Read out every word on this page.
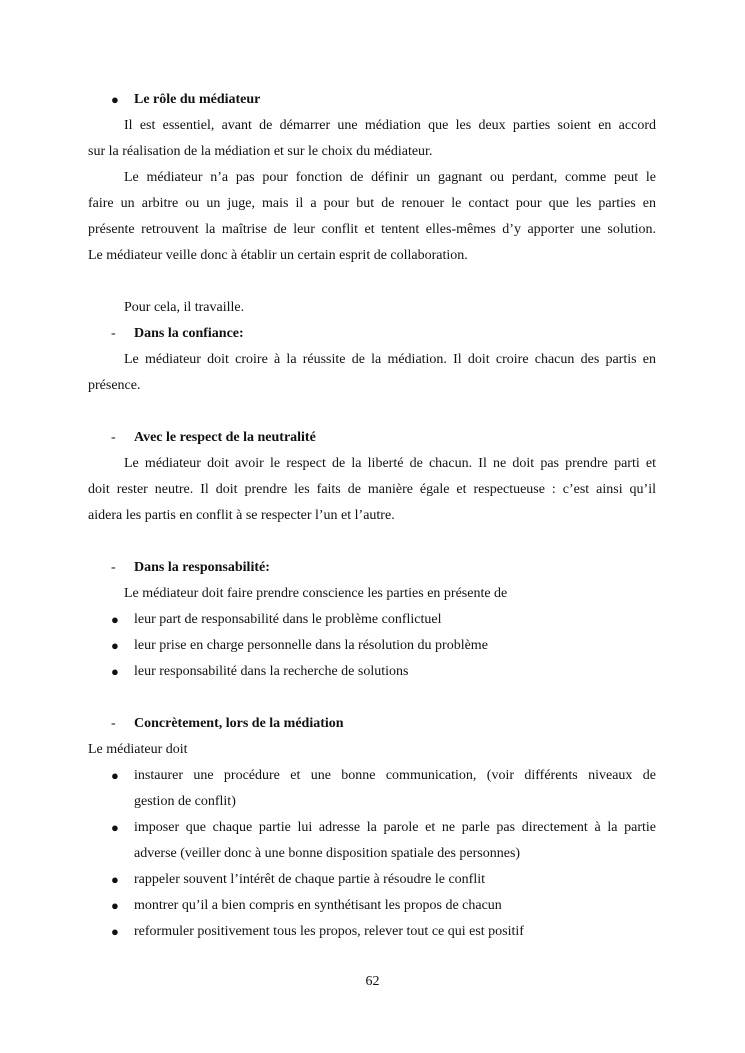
● Le rôle du médiateur
Il est essentiel, avant de démarrer une médiation que les deux parties soient en accord
sur la réalisation de la médiation et sur le choix du médiateur.
Le médiateur n’a pas pour fonction de définir un gagnant ou perdant, comme peut le
faire un arbitre ou un juge, mais il a pour but de renouer le contact pour que les parties en
présente retrouvent la maîtrise de leur conflit et tentent elles-mêmes d’y apporter une solution.
Le médiateur veille donc à établir un certain esprit de collaboration.
Pour cela, il travaille.
- Dans la confiance:
Le médiateur doit croire à la réussite de la médiation. Il doit croire chacun des partis en
présence.
- Avec le respect de la neutralité
Le médiateur doit avoir le respect de la liberté de chacun. Il ne doit pas prendre parti et
doit rester neutre. Il doit prendre les faits de manière égale et respectueuse : c’est ainsi qu’il
aidera les partis en conflit à se respecter l’un et l’autre.
- Dans la responsabilité:
Le médiateur doit faire prendre conscience les parties en présente de
● leur part de responsabilité dans le problème conflictuel
● leur prise en charge personnelle dans la résolution du problème
● leur responsabilité dans la recherche de solutions
- Concrètement, lors de la médiation
Le médiateur doit
●	instaurer une procédure et une bonne communication, (voir différents niveaux de
gestion de conflit)
●	imposer que chaque partie lui adresse la parole et ne parle pas directement à la partie
adverse (veiller donc à une bonne disposition spatiale des personnes)
● rappeler souvent l’intérêt de chaque partie à résoudre le conflit
● montrer qu’il a bien compris en synthétisant les propos de chacun
● reformuler positivement tous les propos, relever tout ce qui est positif
62
